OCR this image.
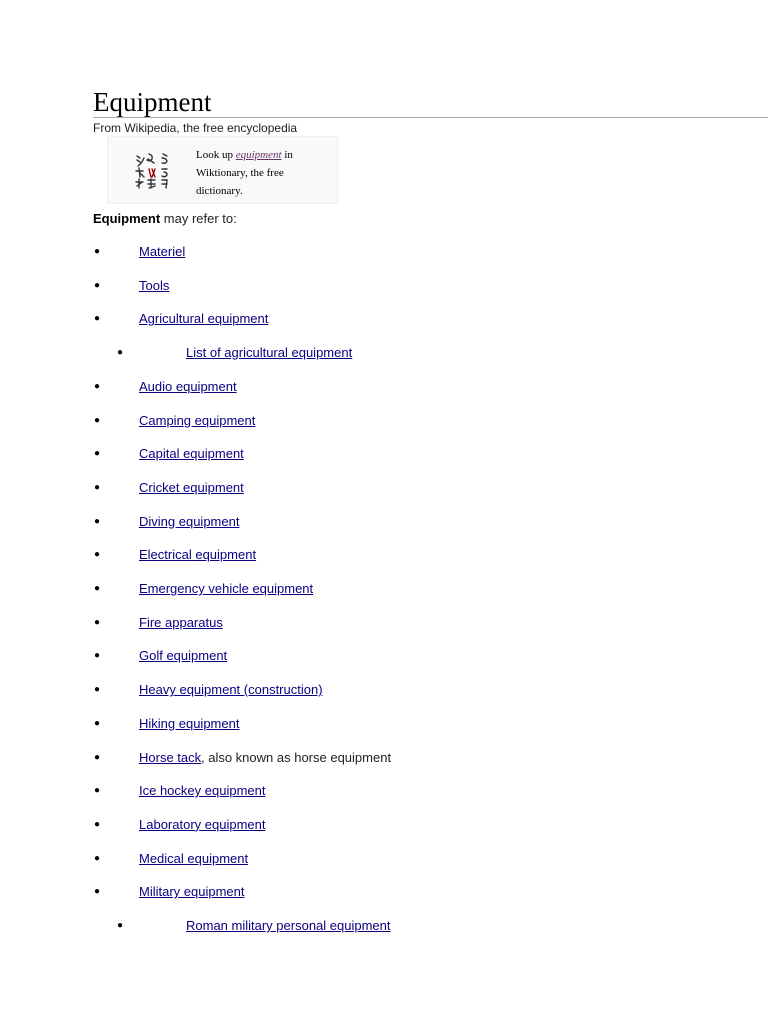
Equipment
From Wikipedia, the free encyclopedia
Look up equipment in Wiktionary, the free dictionary.
Equipment may refer to:
●	Materiel
●	Tools
●	Agricultural equipment
●	List of agricultural equipment
●	Audio equipment
●	Camping equipment
●	Capital equipment
●	Cricket equipment
●	Diving equipment
●	Electrical equipment
●	Emergency vehicle equipment
●	Fire apparatus
●	Golf equipment
●	Heavy equipment (construction)
●	Hiking equipment
●	Horse tack , also known as horse equipment
●	Ice hockey equipment
●	Laboratory equipment
●	Medical equipment
●	Military equipment
●	Roman military personal equipment
